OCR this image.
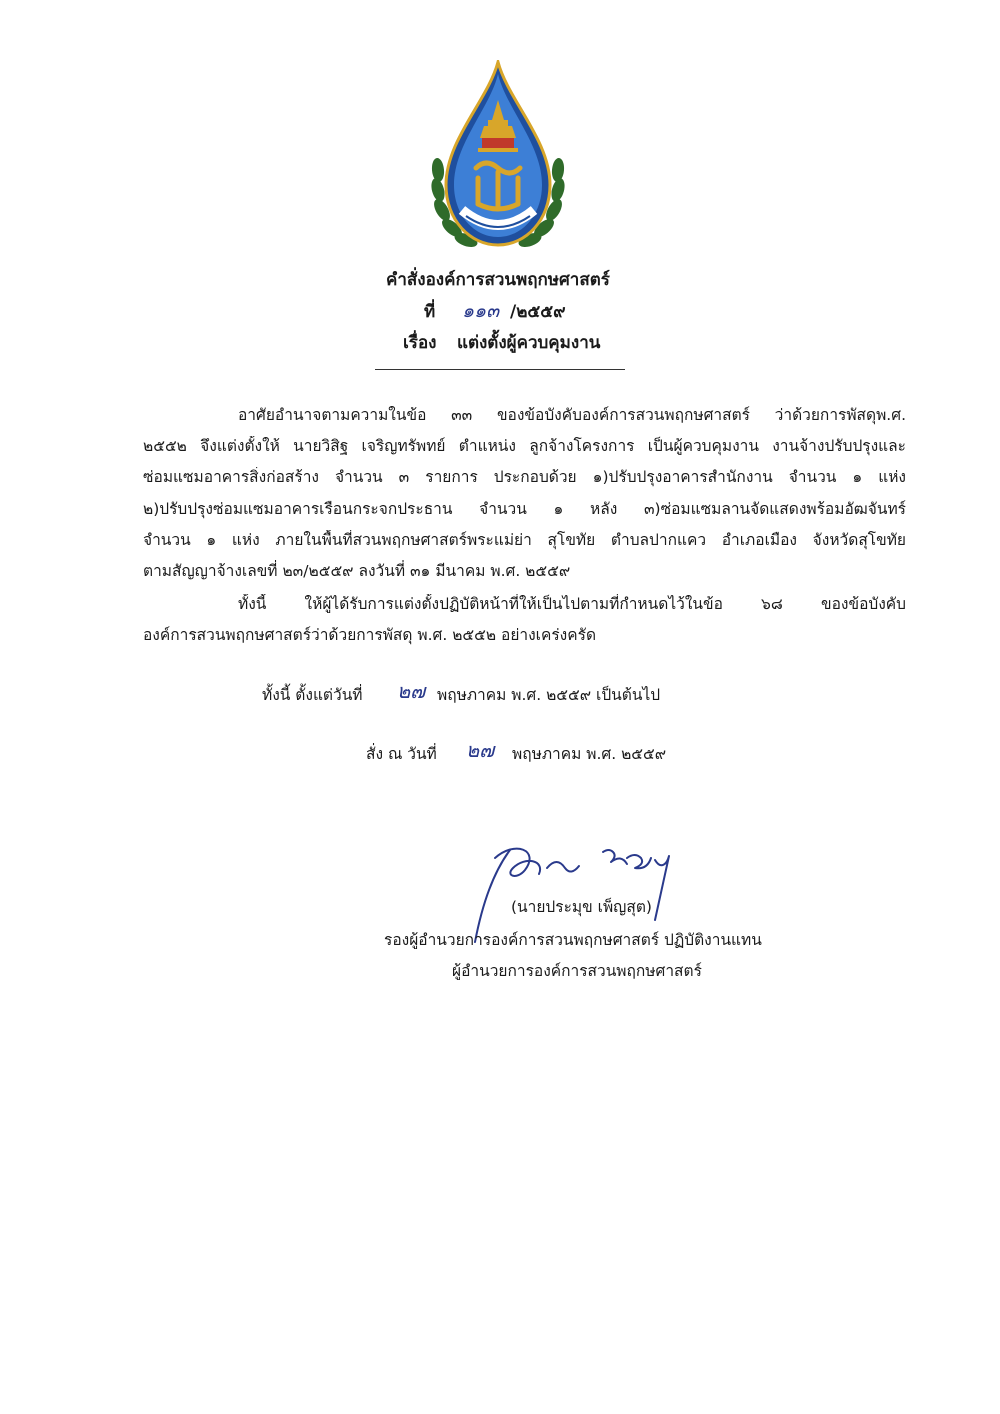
คำสั่งองค์การสวนพฤกษศาสตร์
ที่ ๑๑๓ /๒๕๕๙
เรื่อง แต่งตั้งผู้ควบคุมงาน
อาศัยอำนาจตามความในข้อ ๓๓ ของข้อบังคับองค์การสวนพฤกษศาสตร์ ว่าด้วยการพัสดุพ.ศ.
๒๕๕๒ จึงแต่งตั้งให้ นายวิสิฐ เจริญทรัพทย์ ตำแหน่ง ลูกจ้างโครงการ เป็นผู้ควบคุมงาน งานจ้างปรับปรุงและ
ซ่อมแซมอาคารสิ่งก่อสร้าง จำนวน ๓ รายการ ประกอบด้วย ๑)ปรับปรุงอาคารสำนักงาน จำนวน ๑ แห่ง
๒)ปรับปรุงซ่อมแซมอาคารเรือนกระจกประธาน จำนวน ๑ หลัง ๓)ซ่อมแซมลานจัดแสดงพร้อมอัฒจันทร์
จำนวน ๑ แห่ง ภายในพื้นที่สวนพฤกษศาสตร์พระแม่ย่า สุโขทัย ตำบลปากแคว อำเภอเมือง จังหวัดสุโขทัย
ตามสัญญาจ้างเลขที่ ๒๓/๒๕๕๙ ลงวันที่ ๓๑ มีนาคม พ.ศ. ๒๕๕๙
ทั้งนี้ ให้ผู้ได้รับการแต่งตั้งปฏิบัติหน้าที่ให้เป็นไปตามที่กำหนดไว้ในข้อ ๖๘ ของข้อบังคับ
องค์การสวนพฤกษศาสตร์ว่าด้วยการพัสดุ พ.ศ. ๒๕๕๒ อย่างเคร่งครัด
ทั้งนี้ ตั้งแต่วันที่ ๒๗ พฤษภาคม พ.ศ. ๒๕๕๙ เป็นต้นไป
สั่ง ณ วันที่ ๒๗ พฤษภาคม พ.ศ. ๒๕๕๙
(นายประมุข เพ็ญสุต)
รองผู้อำนวยการองค์การสวนพฤกษศาสตร์ ปฏิบัติงานแทน
ผู้อำนวยการองค์การสวนพฤกษศาสตร์
